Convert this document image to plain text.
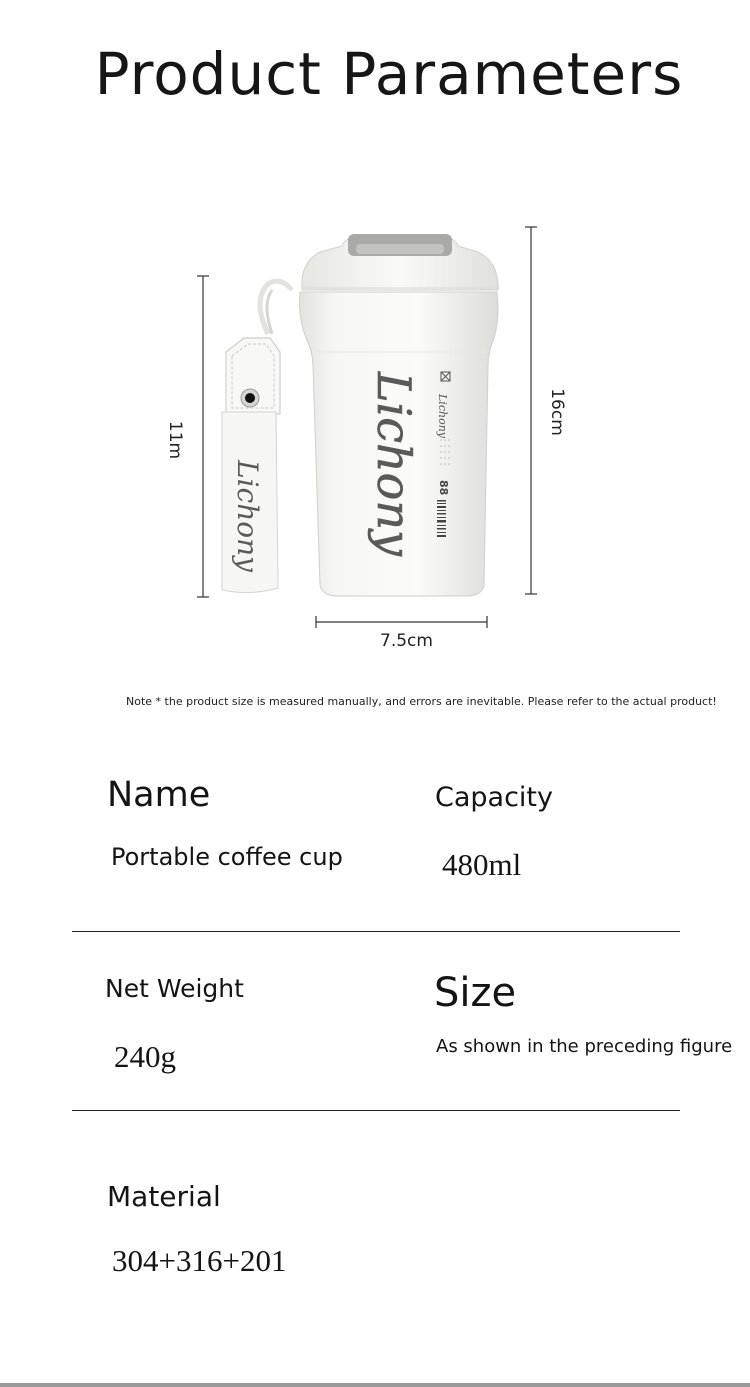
Product Parameters
Lichony Lichony Lichony
88
11m
16cm
7.5cm
Note * the product size is measured manually, and errors are inevitable. Please refer to the actual product!
Name
Portable coffee cup
Capacity
480ml
Net Weight
240g
Size
As shown in the preceding figure
Material
304+316+201
